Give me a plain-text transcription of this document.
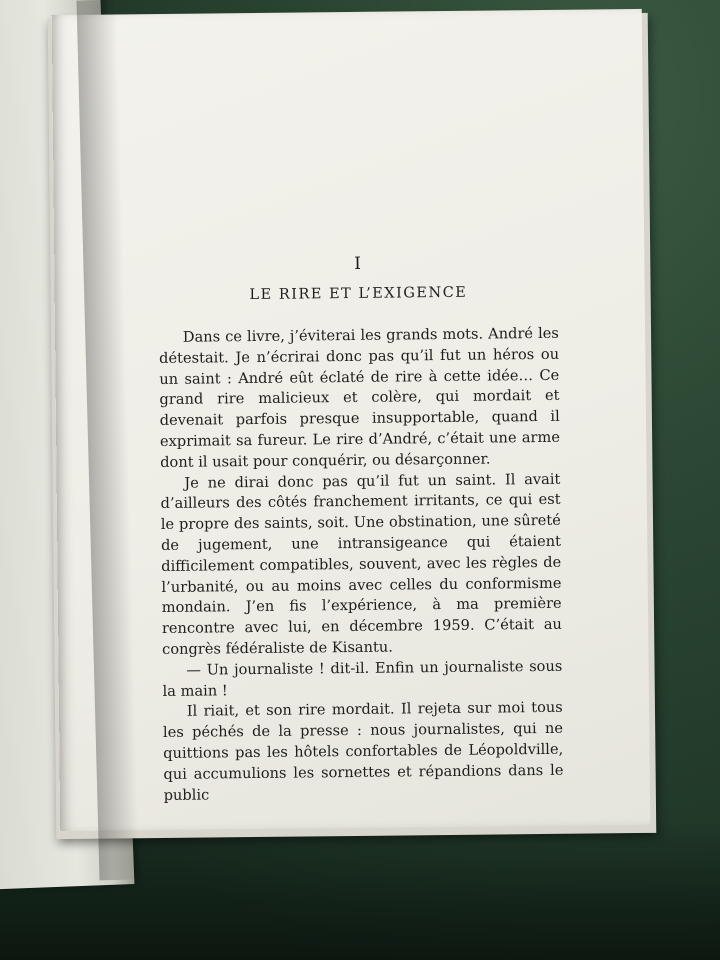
I
LE RIRE ET L’EXIGENCE

Dans ce livre, j’éviterai les grands mots. André les détestait. Je n’écrirai donc pas qu’il fut un héros ou un saint : André eût éclaté de rire à cette idée… Ce grand rire malicieux et colère, qui mordait et devenait parfois presque insupportable, quand il exprimait sa fureur. Le rire d’André, c’était une arme dont il usait pour conquérir, ou désarçonner.

Je ne dirai donc pas qu’il fut un saint. Il avait d’ailleurs des côtés franchement irritants, ce qui est le propre des saints, soit. Une obstination, une sûreté de jugement, une intransigeance qui étaient difficilement compatibles, souvent, avec les règles de l’urbanité, ou au moins avec celles du conformisme mondain. J’en fis l’expérience, à ma première rencontre avec lui, en décembre 1959. C’était au congrès fédéraliste de Kisantu.

— Un journaliste ! dit-il. Enfin un journaliste sous la main !

Il riait, et son rire mordait. Il rejeta sur moi tous les péchés de la presse : nous journalistes, qui ne quittions pas les hôtels confortables de Léopoldville, qui accumulions les sornettes et répandions dans le public
